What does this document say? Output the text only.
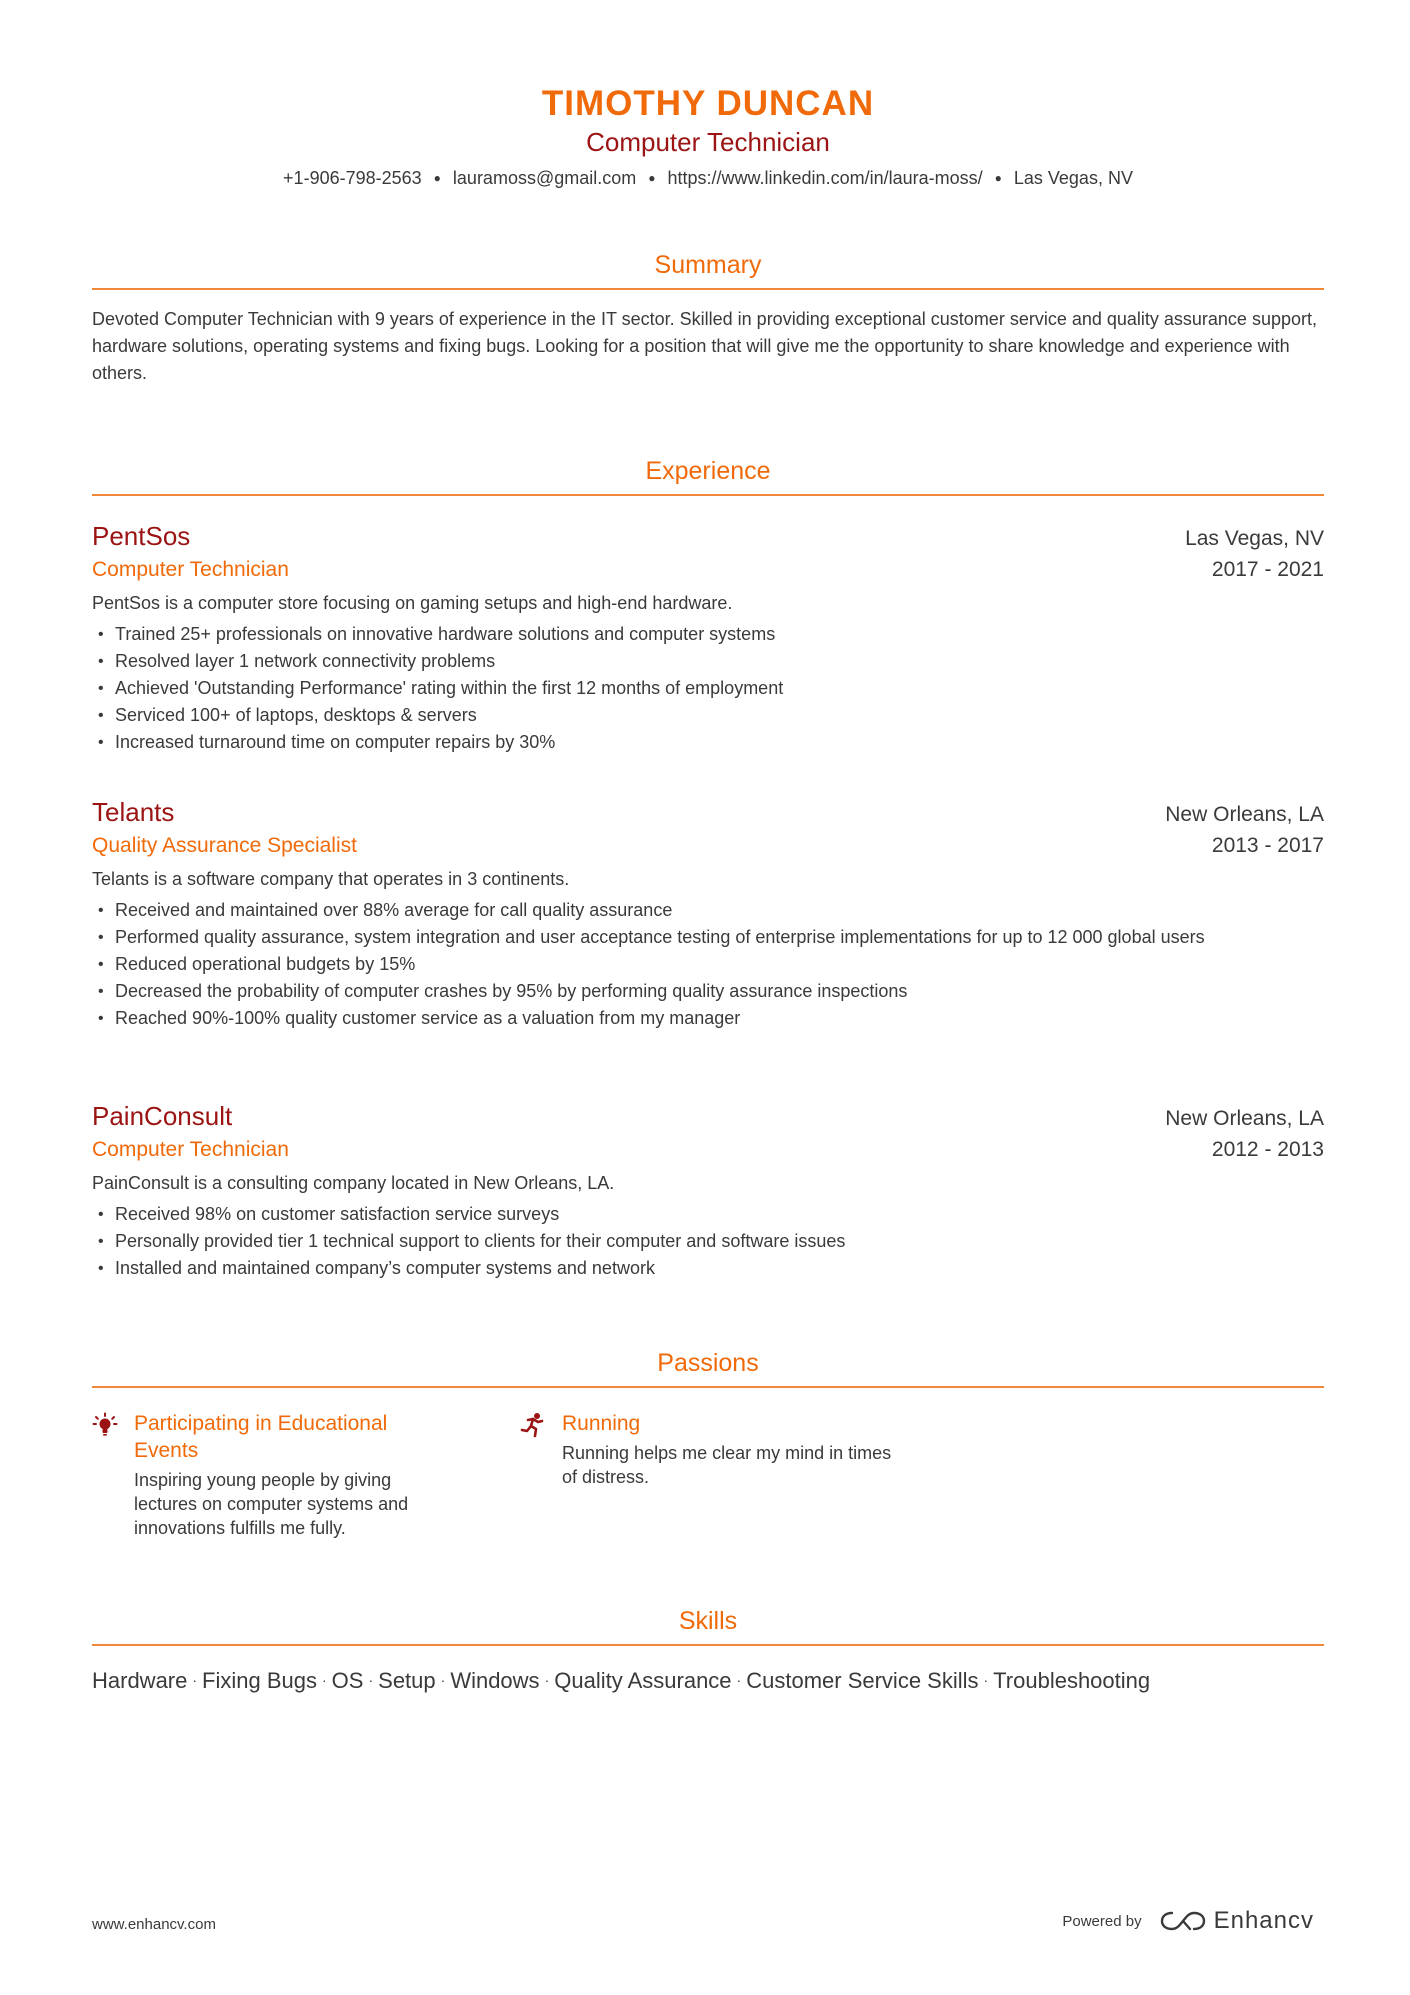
TIMOTHY DUNCAN
Computer Technician
+1-906-798-2563 ● lauramoss@gmail.com ● https://www.linkedin.com/in/laura-moss/ ● Las Vegas, NV
Summary
Devoted Computer Technician with 9 years of experience in the IT sector. Skilled in providing exceptional customer service and quality assurance support, hardware solutions, operating systems and fixing bugs. Looking for a position that will give me the opportunity to share knowledge and experience with others.
Experience
PentSos	Las Vegas, NV
Computer Technician	2017 - 2021
PentSos is a computer store focusing on gaming setups and high-end hardware.
• Trained 25+ professionals on innovative hardware solutions and computer systems
• Resolved layer 1 network connectivity problems
• Achieved 'Outstanding Performance' rating within the first 12 months of employment
• Serviced 100+ of laptops, desktops & servers
• Increased turnaround time on computer repairs by 30%
Telants	New Orleans, LA
Quality Assurance Specialist	2013 - 2017
Telants is a software company that operates in 3 continents.
• Received and maintained over 88% average for call quality assurance
• Performed quality assurance, system integration and user acceptance testing of enterprise implementations for up to 12 000 global users
• Reduced operational budgets by 15%
• Decreased the probability of computer crashes by 95% by performing quality assurance inspections
• Reached 90%-100% quality customer service as a valuation from my manager
PainConsult	New Orleans, LA
Computer Technician	2012 - 2013
PainConsult is a consulting company located in New Orleans, LA.
• Received 98% on customer satisfaction service surveys
• Personally provided tier 1 technical support to clients for their computer and software issues
• Installed and maintained company’s computer systems and network
Passions
Participating in Educational Events
Inspiring young people by giving lectures on computer systems and innovations fulfills me fully.
Running
Running helps me clear my mind in times of distress.
Skills
Hardware · Fixing Bugs · OS · Setup · Windows · Quality Assurance · Customer Service Skills · Troubleshooting
www.enhancv.com	Powered by	Enhancv
